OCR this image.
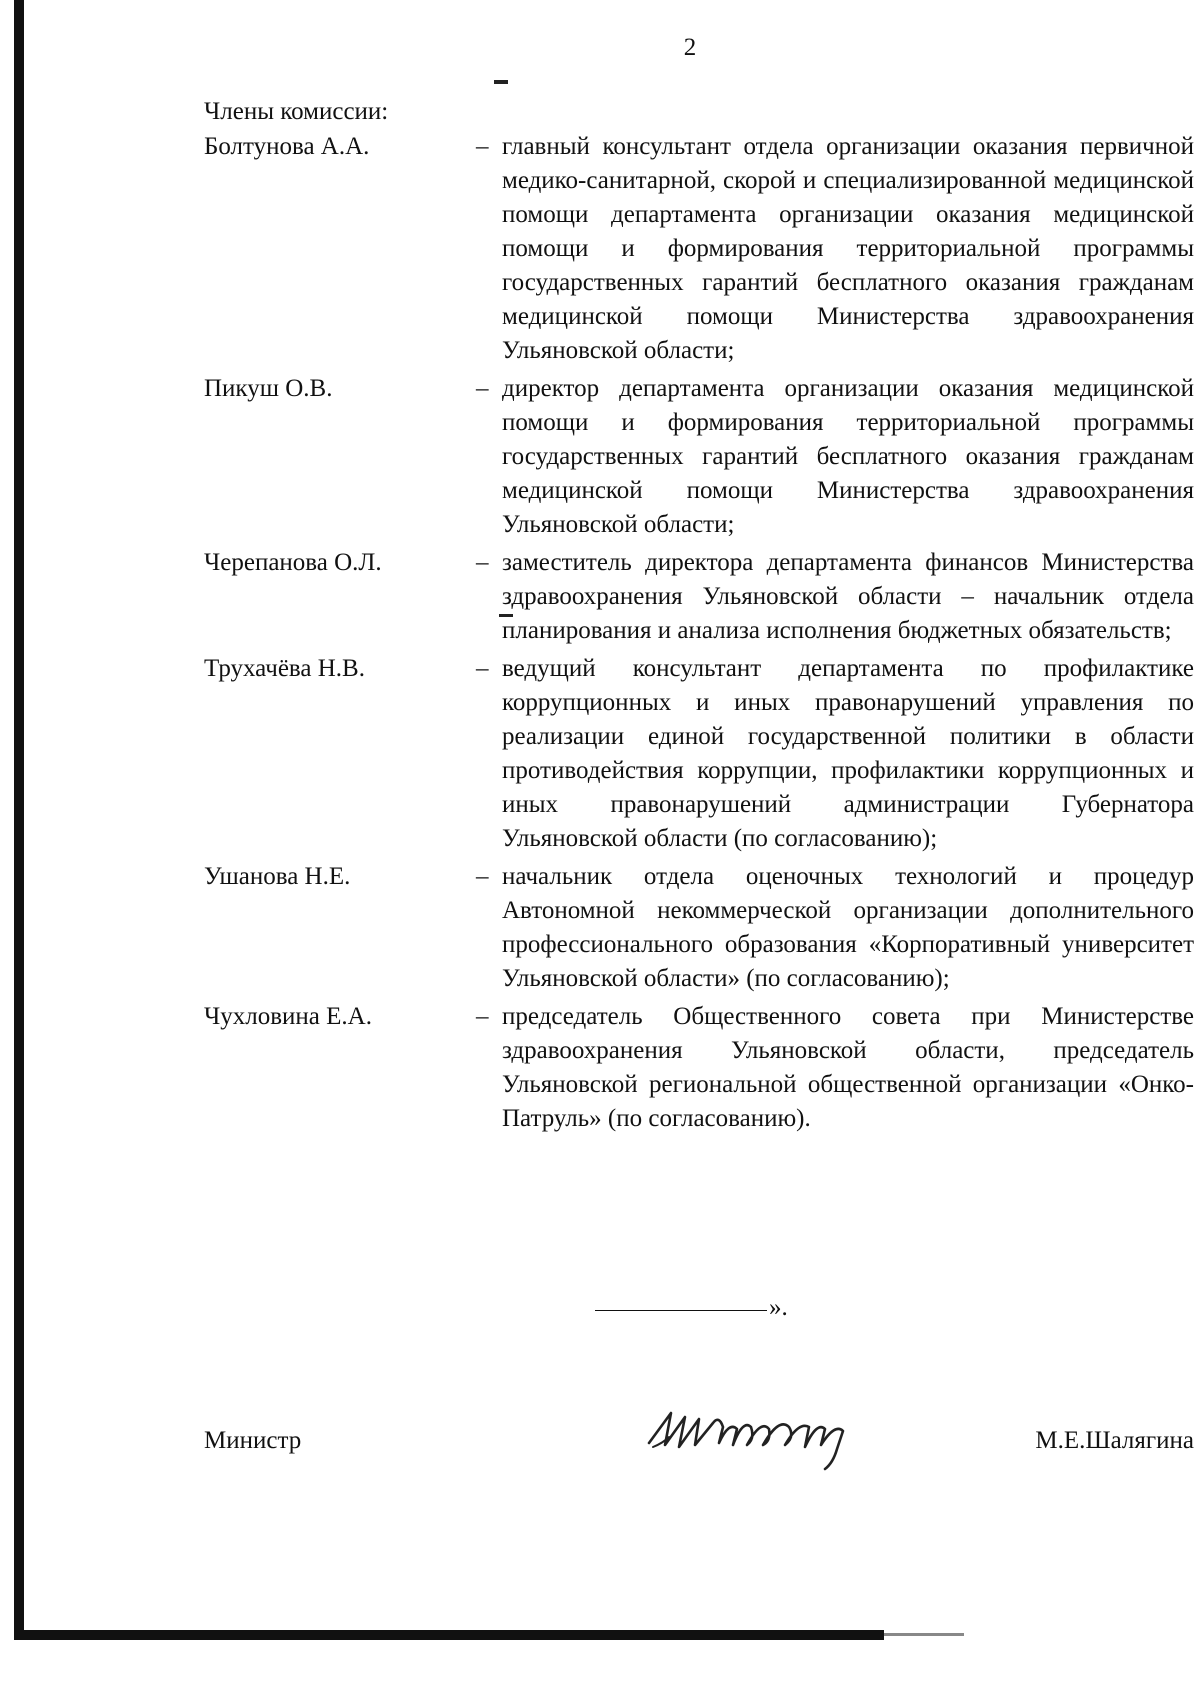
2
Члены комиссии:
Болтунова А.А.	– главный консультант отдела организации оказания первичной медико-санитарной, скорой и специализированной медицинской помощи департамента организации оказания медицинской помощи и формирования территориальной программы государственных гарантий бесплатного оказания гражданам медицинской помощи Министерства здравоохранения Ульяновской области;
Пикуш О.В.	– директор департамента организации оказания медицинской помощи и формирования территориальной программы государственных гарантий бесплатного оказания гражданам медицинской помощи Министерства здравоохранения Ульяновской области;
Черепанова О.Л.	– заместитель директора департамента финансов Министерства здравоохранения Ульяновской области – начальник отдела планирования и анализа исполнения бюджетных обязательств;
Трухачёва Н.В.	– ведущий консультант департамента по профилактике коррупционных и иных правонарушений управления по реализации единой государственной политики в области противодействия коррупции, профилактики коррупционных и иных правонарушений администрации Губернатора Ульяновской области (по согласованию);
Ушанова Н.Е.	– начальник отдела оценочных технологий и процедур Автономной некоммерческой организации дополнительного профессионального образования «Корпоративный университет Ульяновской области» (по согласованию);
Чухловина Е.А.	– председатель Общественного совета при Министерстве здравоохранения Ульяновской области, председатель Ульяновской региональной общественной организации «Онко-Патруль» (по согласованию).
».
Министр	М.Е.Шалягина
